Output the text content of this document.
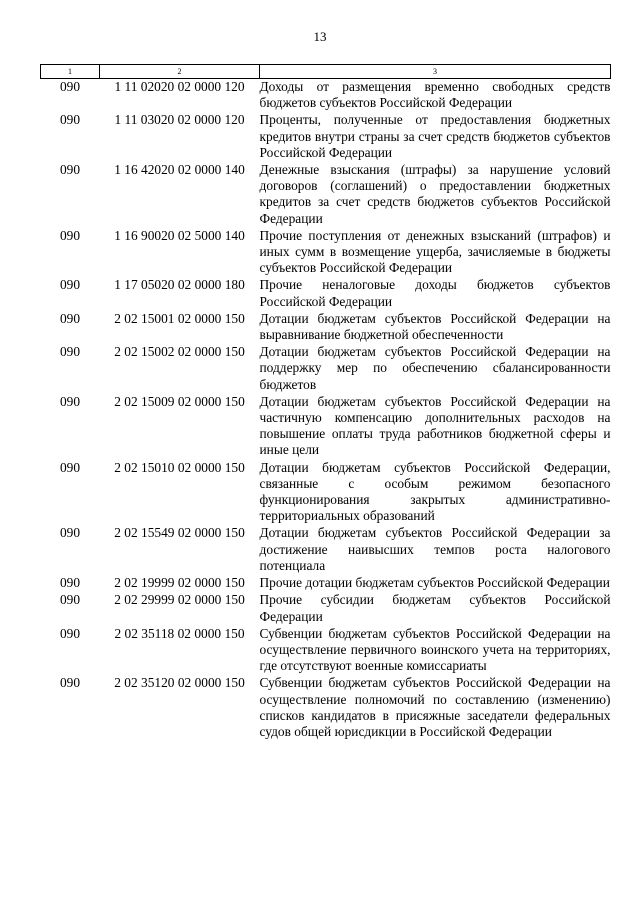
13
1	2	3
090	1 11 02020 02 0000 120	Доходы от размещения временно свободных средств бюджетов субъектов Российской Федерации
090	1 11 03020 02 0000 120	Проценты, полученные от предоставления бюджетных кредитов внутри страны за счет средств бюджетов субъектов Российской Федерации
090	1 16 42020 02 0000 140	Денежные взыскания (штрафы) за нарушение условий договоров (соглашений) о предоставлении бюджетных кредитов за счет средств бюджетов субъектов Российской Федерации
090	1 16 90020 02 5000 140	Прочие поступления от денежных взысканий (штрафов) и иных сумм в возмещение ущерба, зачисляемые в бюджеты субъектов Российской Федерации
090	1 17 05020 02 0000 180	Прочие неналоговые доходы бюджетов субъектов Российской Федерации
090	2 02 15001 02 0000 150	Дотации бюджетам субъектов Российской Федерации на выравнивание бюджетной обеспеченности
090	2 02 15002 02 0000 150	Дотации бюджетам субъектов Российской Федерации на поддержку мер по обеспечению сбалансированности бюджетов
090	2 02 15009 02 0000 150	Дотации бюджетам субъектов Российской Федерации на частичную компенсацию дополнительных расходов на повышение оплаты труда работников бюджетной сферы и иные цели
090	2 02 15010 02 0000 150	Дотации бюджетам субъектов Российской Федерации, связанные с особым режимом безопасного функционирования закрытых административно-территориальных образований
090	2 02 15549 02 0000 150	Дотации бюджетам субъектов Российской Федерации за достижение наивысших темпов роста налогового потенциала
090	2 02 19999 02 0000 150	Прочие дотации бюджетам субъектов Российской Федерации
090	2 02 29999 02 0000 150	Прочие субсидии бюджетам субъектов Российской Федерации
090	2 02 35118 02 0000 150	Субвенции бюджетам субъектов Российской Федерации на осуществление первичного воинского учета на территориях, где отсутствуют военные комиссариаты
090	2 02 35120 02 0000 150	Субвенции бюджетам субъектов Российской Федерации на осуществление полномочий по составлению (изменению) списков кандидатов в присяжные заседатели федеральных судов общей юрисдикции в Российской Федерации
